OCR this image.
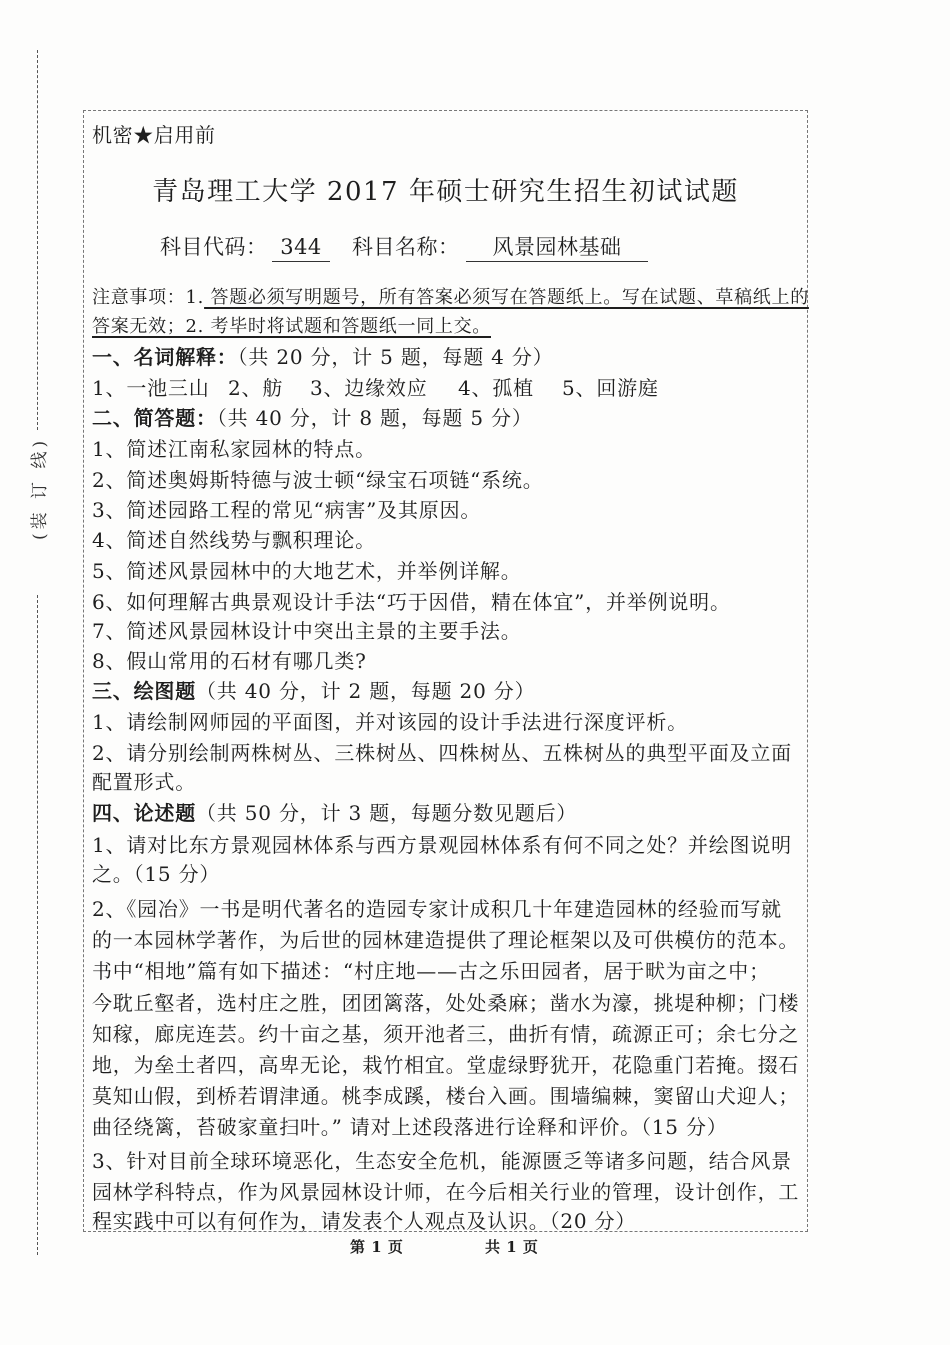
(装 订 线)
机密★启用前
青岛理工大学 2017 年硕士研究生招生初试试题
科目代码： 344	科目名称：	风景园林基础
注意事项：1. 答题必须写明题号，所有答案必须写在答题纸上。写在试题、草稿纸上的
答案无效；2. 考毕时将试题和答题纸一同上交。
一、名词解释：（共 20 分，计 5 题，每题 4 分）
1、一池三山 2、舫 3、边缘效应 4、孤植 5、回游庭
二、简答题：（共 40 分，计 8 题，每题 5 分）
1、简述江南私家园林的特点。
2、简述奥姆斯特德与波士顿“绿宝石项链“系统。
3、简述园路工程的常见“病害”及其原因。
4、简述自然线势与飘积理论。
5、简述风景园林中的大地艺术，并举例详解。
6、如何理解古典景观设计手法“巧于因借，精在体宜”，并举例说明。
7、简述风景园林设计中突出主景的主要手法。
8、假山常用的石材有哪几类?
三、绘图题（共 40 分，计 2 题，每题 20 分）
1、请绘制网师园的平面图，并对该园的设计手法进行深度评析。
2、请分别绘制两株树丛、三株树丛、四株树丛、五株树丛的典型平面及立面
配置形式。
四、论述题（共 50 分，计 3 题，每题分数见题后）
1、请对比东方景观园林体系与西方景观园林体系有何不同之处？并绘图说明
之。（15 分）
2、《园冶》一书是明代著名的造园专家计成积几十年建造园林的经验而写就
的一本园林学著作，为后世的园林建造提供了理论框架以及可供模仿的范本。
书中“相地”篇有如下描述：“村庄地——古之乐田园者，居于畎为亩之中；
今耽丘壑者，选村庄之胜，团团篱落，处处桑麻；凿水为濠，挑堤种柳；门楼
知稼，廊庑连芸。约十亩之基，须开池者三，曲折有情，疏源正可；余七分之
地，为垒土者四，高卑无论，栽竹相宜。堂虚绿野犹开，花隐重门若掩。掇石
莫知山假，到桥若谓津通。桃李成蹊，楼台入画。围墙编棘，窦留山犬迎人；
曲径绕篱，苔破家童扫叶。” 请对上述段落进行诠释和评价。（15 分）
3、针对目前全球环境恶化，生态安全危机，能源匮乏等诸多问题，结合风景
园林学科特点，作为风景园林设计师，在今后相关行业的管理，设计创作，工
程实践中可以有何作为，请发表个人观点及认识。（20 分）
第 1 页	共 1 页
